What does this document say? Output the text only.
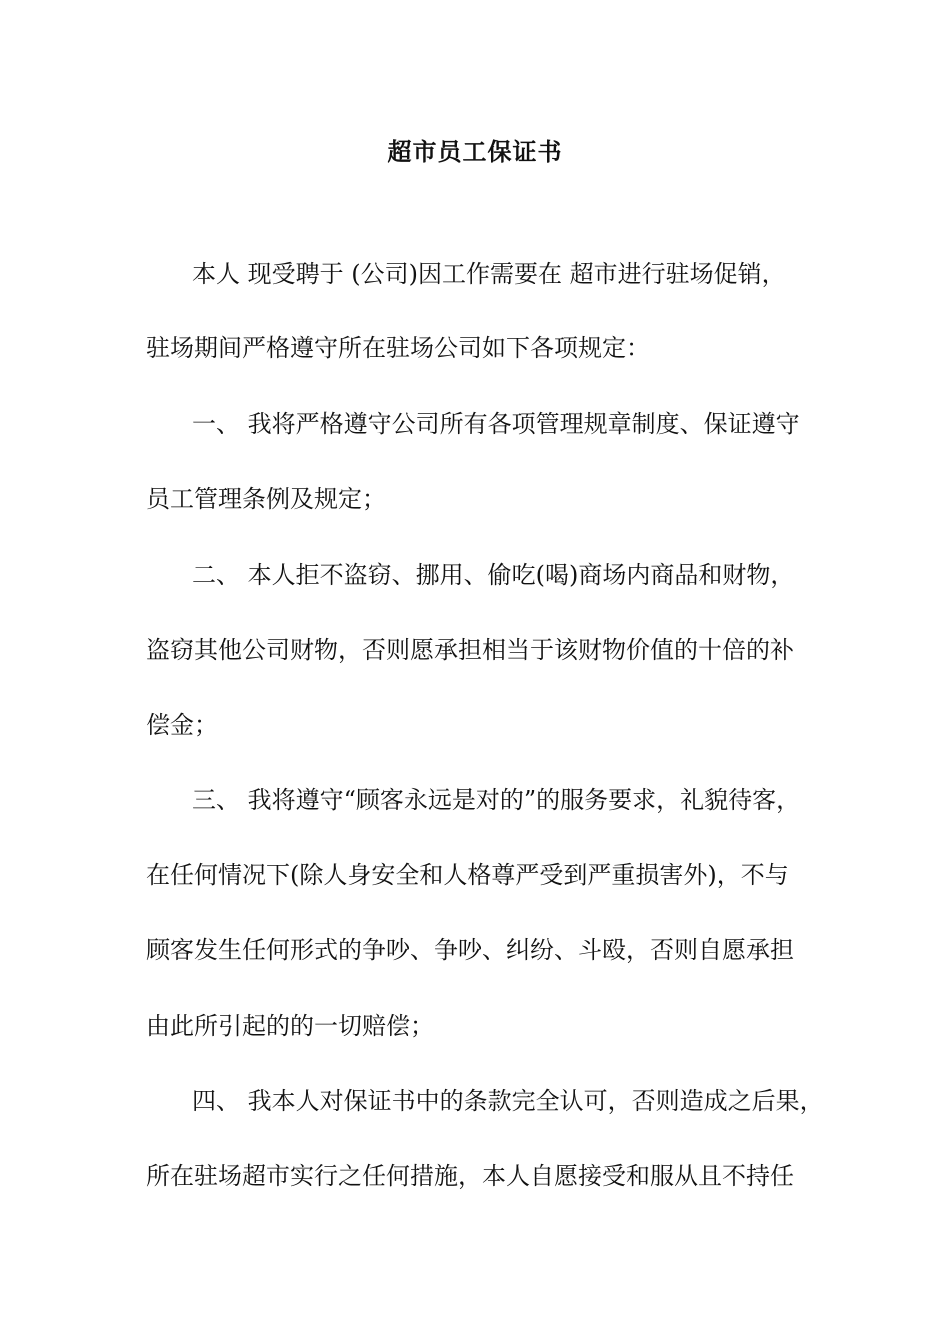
超市员工保证书
本人 现受聘于 (公司)因工作需要在 超市进行驻场促销，
驻场期间严格遵守所在驻场公司如下各项规定：
一、 我将严格遵守公司所有各项管理规章制度、保证遵守
员工管理条例及规定；
二、 本人拒不盗窃、挪用、偷吃(喝)商场内商品和财物，
盗窃其他公司财物，否则愿承担相当于该财物价值的十倍的补
偿金；
三、 我将遵守“顾客永远是对的”的服务要求，礼貌待客，
在任何情况下(除人身安全和人格尊严受到严重损害外)，不与
顾客发生任何形式的争吵、争吵、纠纷、斗殴，否则自愿承担
由此所引起的的一切赔偿；
四、 我本人对保证书中的条款完全认可，否则造成之后果，
所在驻场超市实行之任何措施，本人自愿接受和服从且不持任
